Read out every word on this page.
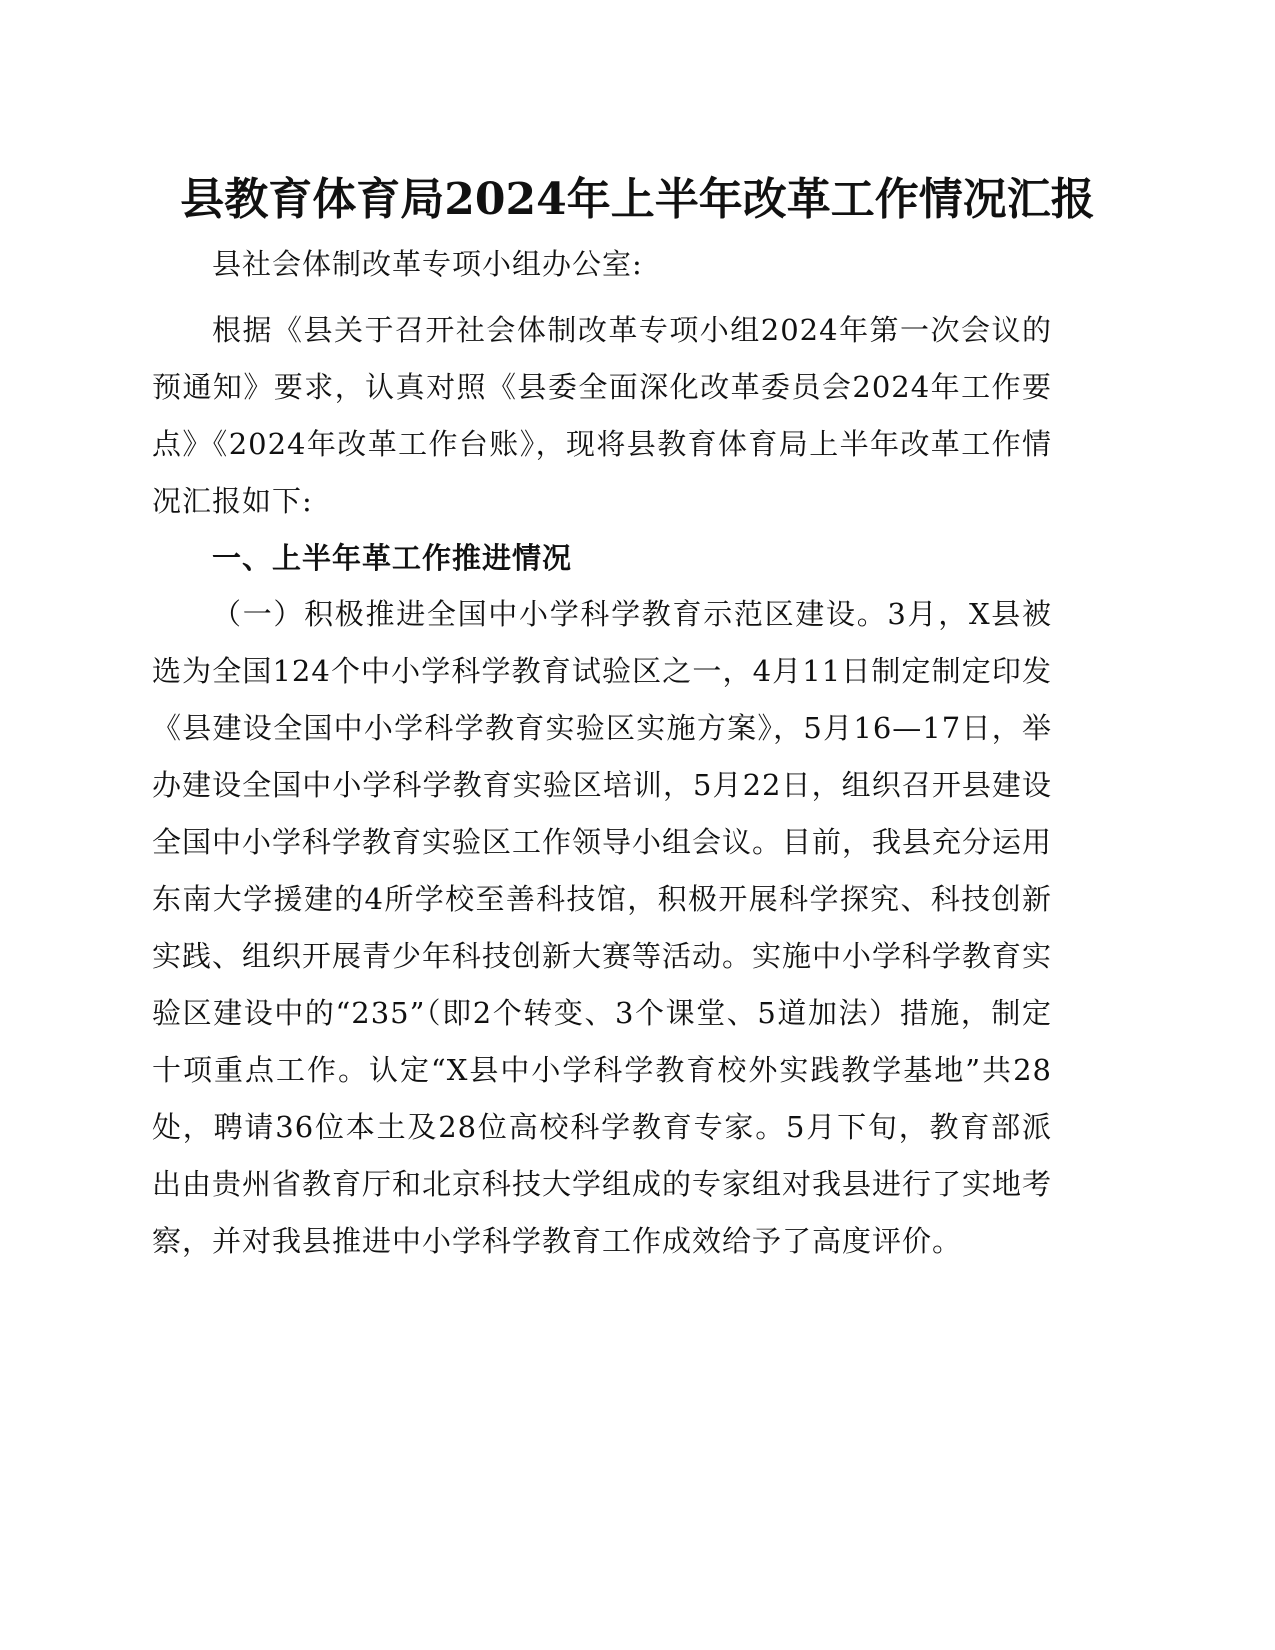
县教育体育局2024年上半年改革工作情况汇报
县社会体制改革专项小组办公室:
根据《县关于召开社会体制改革专项小组2024年第一次会议的预通知》要求，认真对照《县委全面深化改革委员会2024年工作要点》《2024年改革工作台账》，现将县教育体育局上半年改革工作情况汇报如下:
一、上半年革工作推进情况
（一）积极推进全国中小学科学教育示范区建设。3月，X县被选为全国124个中小学科学教育试验区之一，4月11日制定制定印发《县建设全国中小学科学教育实验区实施方案》，5月16—17日，举办建设全国中小学科学教育实验区培训，5月22日，组织召开县建设全国中小学科学教育实验区工作领导小组会议。目前，我县充分运用东南大学援建的4所学校至善科技馆，积极开展科学探究、科技创新实践、组织开展青少年科技创新大赛等活动。实施中小学科学教育实验区建设中的“235”（即2个转变、3个课堂、5道加法）措施，制定十项重点工作。认定“X县中小学科学教育校外实践教学基地”共28处，聘请36位本土及28位高校科学教育专家。5月下旬，教育部派出由贵州省教育厅和北京科技大学组成的专家组对我县进行了实地考察，并对我县推进中小学科学教育工作成效给予了高度评价。
